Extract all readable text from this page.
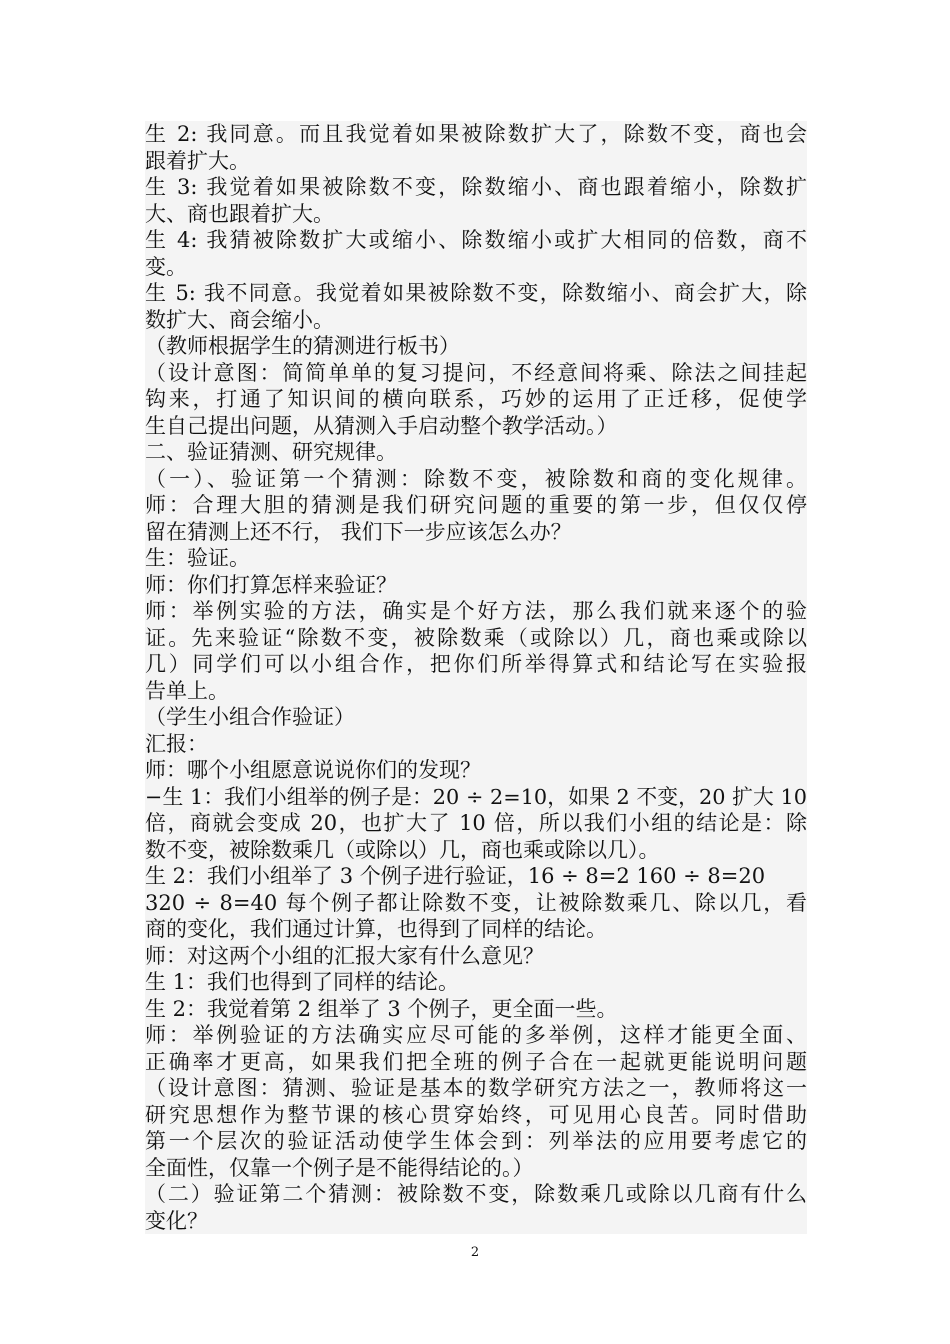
生 2: 我同意。而且我觉着如果被除数扩大了，除数不变，商也会
跟着扩大。
生 3: 我觉着如果被除数不变，除数缩小、商也跟着缩小，除数扩
大、商也跟着扩大。
生 4: 我猜被除数扩大或缩小、除数缩小或扩大相同的倍数，商不
变。
生 5: 我不同意。我觉着如果被除数不变，除数缩小、商会扩大，除
数扩大、商会缩小。
（教师根据学生的猜测进行板书）
（设计意图：简简单单的复习提问，不经意间将乘、除法之间挂起
钩来，打通了知识间的横向联系，巧妙的运用了正迁移，促使学
生自己提出问题，从猜测入手启动整个教学活动。）
二、验证猜测、研究规律。
（一）、验证第一个猜测：除数不变，被除数和商的变化规律。
师：合理大胆的猜测是我们研究问题的重要的第一步，但仅仅停
留在猜测上还不行， 我们下一步应该怎么办？
生：验证。
师：你们打算怎样来验证？
师：举例实验的方法，确实是个好方法，那么我们就来逐个的验
证。先来验证“除数不变，被除数乘（或除以）几，商也乘或除以
几）同学们可以小组合作，把你们所举得算式和结论写在实验报
告单上。
（学生小组合作验证）
汇报：
师：哪个小组愿意说说你们的发现？
−生 1：我们小组举的例子是：20 ÷ 2=10，如果 2 不变，20 扩大 10
倍，商就会变成 20，也扩大了 10 倍，所以我们小组的结论是：除
数不变，被除数乘几（或除以）几，商也乘或除以几）。
生 2：我们小组举了 3 个例子进行验证，16 ÷ 8=2 160 ÷ 8=20
320 ÷ 8=40 每个例子都让除数不变，让被除数乘几、除以几，看
商的变化，我们通过计算，也得到了同样的结论。
师：对这两个小组的汇报大家有什么意见？
生 1：我们也得到了同样的结论。
生 2：我觉着第 2 组举了 3 个例子，更全面一些。
师：举例验证的方法确实应尽可能的多举例，这样才能更全面、
正确率才更高，如果我们把全班的例子合在一起就更能说明问题
（设计意图：猜测、验证是基本的数学研究方法之一，教师将这一
研究思想作为整节课的核心贯穿始终，可见用心良苦。同时借助
第一个层次的验证活动使学生体会到：列举法的应用要考虑它的
全面性，仅靠一个例子是不能得结论的。）
（二）验证第二个猜测：被除数不变，除数乘几或除以几商有什么
变化？
2
